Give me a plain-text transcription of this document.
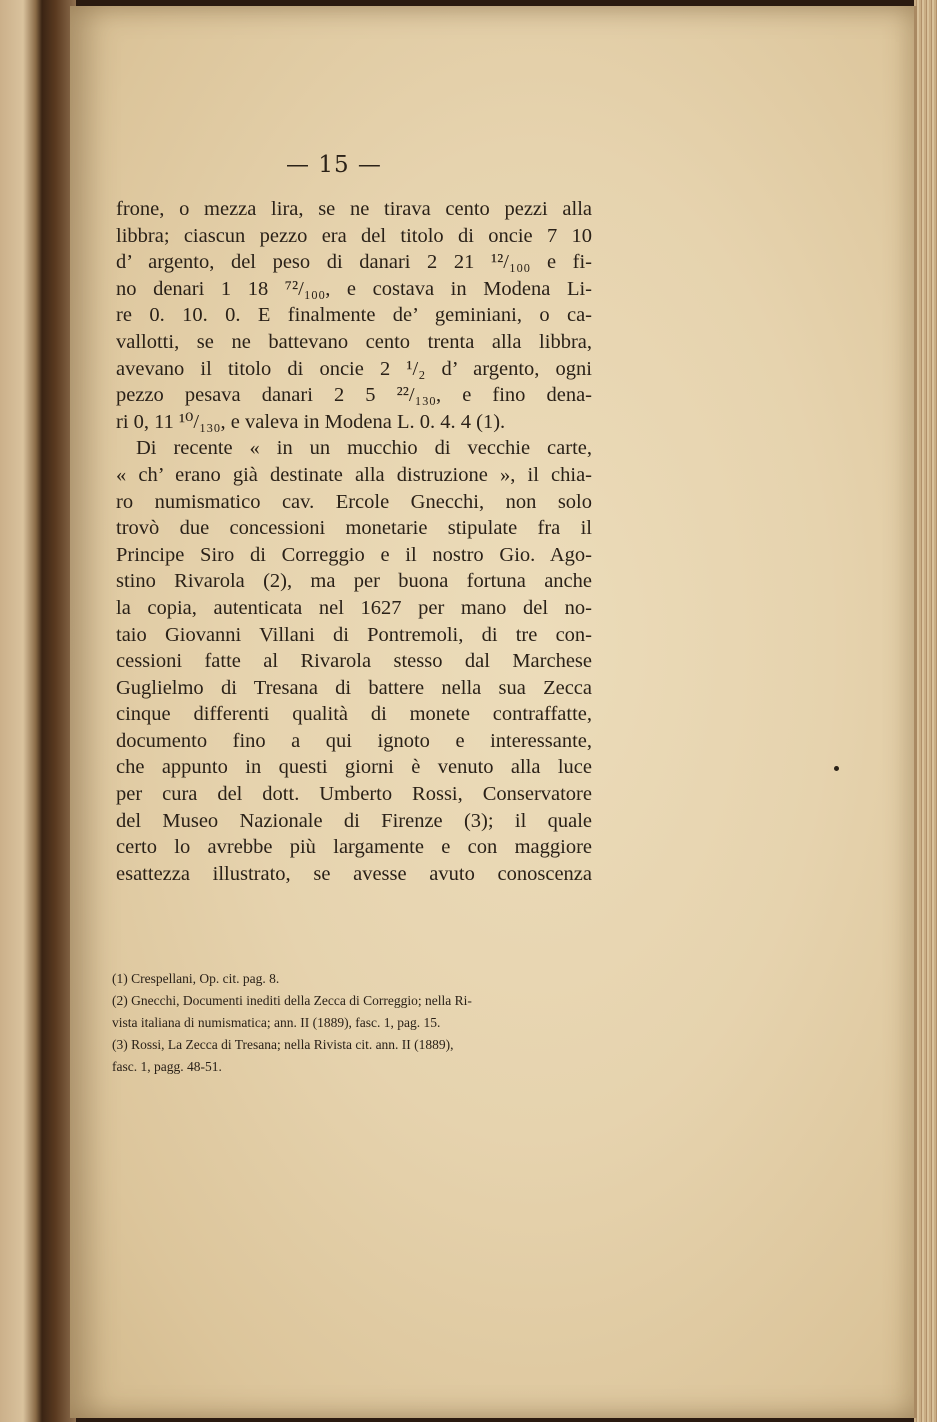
— 15 —
frone, o mezza lira, se ne tirava cento pezzi alla
libbra; ciascun pezzo era del titolo di oncie 7 10
d’ argento, del peso di danari 2 21 ¹²/₁₀₀ e fi-
no denari 1 18 ⁷²/₁₀₀, e costava in Modena Li-
re 0. 10. 0. E finalmente de’ geminiani, o ca-
vallotti, se ne battevano cento trenta alla libbra,
avevano il titolo di oncie 2 ¹/₂ d’ argento, ogni
pezzo pesava danari 2 5 ²²/₁₃₀, e fino dena-
ri 0, 11 ¹⁰/₁₃₀, e valeva in Modena L. 0. 4. 4 (1).
Di recente « in un mucchio di vecchie carte,
« ch’ erano già destinate alla distruzione », il chia-
ro numismatico cav. Ercole Gnecchi, non solo
trovò due concessioni monetarie stipulate fra il
Principe Siro di Correggio e il nostro Gio. Ago-
stino Rivarola (2), ma per buona fortuna anche
la copia, autenticata nel 1627 per mano del no-
taio Giovanni Villani di Pontremoli, di tre con-
cessioni fatte al Rivarola stesso dal Marchese
Guglielmo di Tresana di battere nella sua Zecca
cinque differenti qualità di monete contraffatte,
documento fino a qui ignoto e interessante,
che appunto in questi giorni è venuto alla luce
per cura del dott. Umberto Rossi, Conservatore
del Museo Nazionale di Firenze (3); il quale
certo lo avrebbe più largamente e con maggiore
esattezza illustrato, se avesse avuto conoscenza
(1) Crespellani, Op. cit. pag. 8.
(2) Gnecchi, Documenti inediti della Zecca di Correggio; nella Ri-
vista italiana di numismatica; ann. II (1889), fasc. 1, pag. 15.
(3) Rossi, La Zecca di Tresana; nella Rivista cit. ann. II (1889),
fasc. 1, pagg. 48-51.
